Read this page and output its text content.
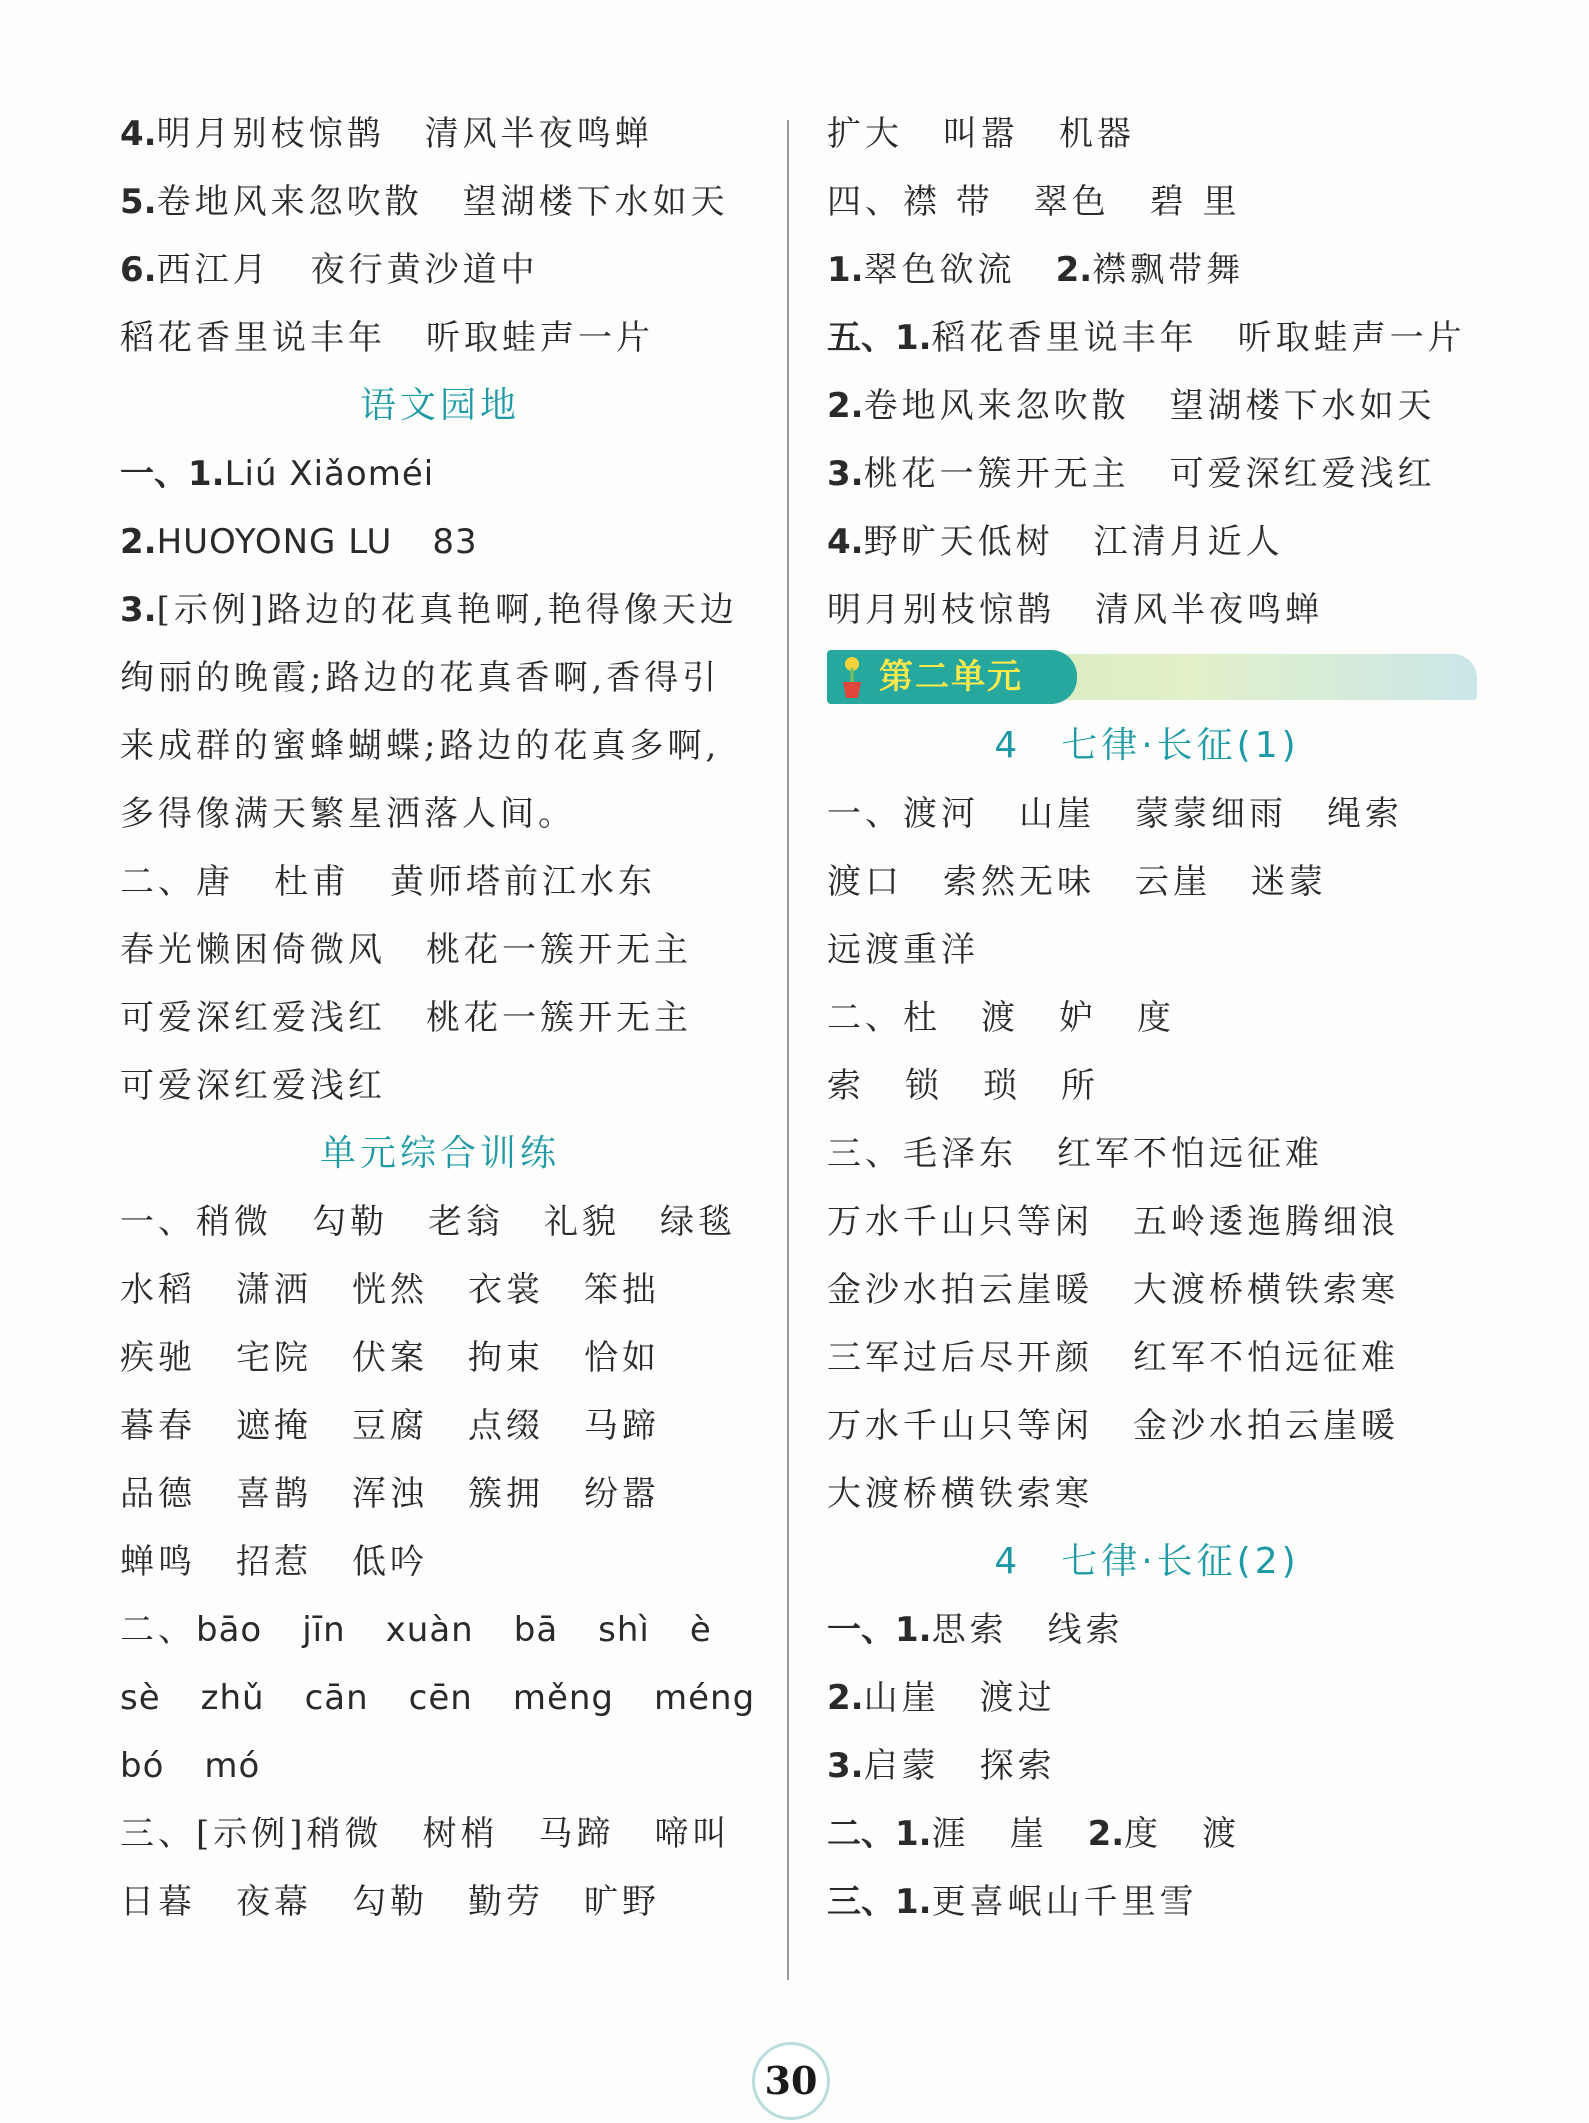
4.明月别枝惊鹊 清风半夜鸣蝉
5.卷地风来忽吹散 望湖楼下水如天
6.西江月 夜行黄沙道中
稻花香里说丰年 听取蛙声一片
语文园地
一、1.Liú Xiǎoméi
2.HUOYONG LU 83
3.[示例]路边的花真艳啊,艳得像天边
绚丽的晚霞;路边的花真香啊,香得引
来成群的蜜蜂蝴蝶;路边的花真多啊,
多得像满天繁星洒落人间。
二、唐 杜甫 黄师塔前江水东
春光懒困倚微风 桃花一簇开无主
可爱深红爱浅红 桃花一簇开无主
可爱深红爱浅红
单元综合训练
一、稍微 勾勒 老翁 礼貌 绿毯
水稻 潇洒 恍然 衣裳 笨拙
疾驰 宅院 伏案 拘束 恰如
暮春 遮掩 豆腐 点缀 马蹄
品德 喜鹊 浑浊 簇拥 纷嚣
蝉鸣 招惹 低吟
二、bāo jīn xuàn bā shì è
sè zhǔ cān cēn měng méng
bó mó
三、[示例]稍微 树梢 马蹄 啼叫
日暮 夜幕 勾勒 勤劳 旷野
扩大 叫嚣 机器
四、襟 带 翠色 碧 里
1.翠色欲流 2.襟飘带舞
五、1.稻花香里说丰年 听取蛙声一片
2.卷地风来忽吹散 望湖楼下水如天
3.桃花一簇开无主 可爱深红爱浅红
4.野旷天低树 江清月近人
明月别枝惊鹊 清风半夜鸣蝉
第二单元
4　七律·长征(1)
一、渡河 山崖 蒙蒙细雨 绳索
渡口 索然无味 云崖 迷蒙
远渡重洋
二、杜 渡 妒 度
索 锁 琐 所
三、毛泽东 红军不怕远征难
万水千山只等闲 五岭逶迤腾细浪
金沙水拍云崖暖 大渡桥横铁索寒
三军过后尽开颜 红军不怕远征难
万水千山只等闲 金沙水拍云崖暖
大渡桥横铁索寒
4　七律·长征(2)
一、1.思索 线索
2.山崖 渡过
3.启蒙 探索
二、1.涯 崖 2.度 渡
三、1.更喜岷山千里雪
30
